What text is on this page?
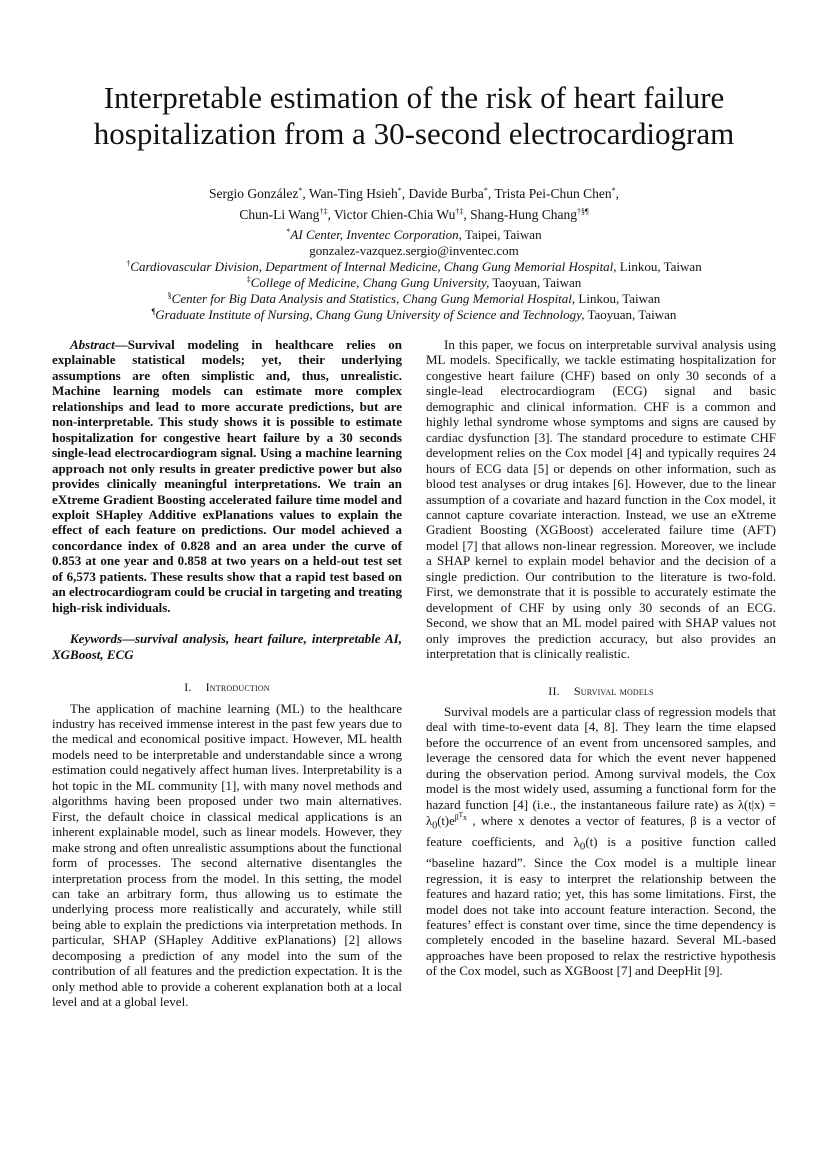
Interpretable estimation of the risk of heart failure
hospitalization from a 30-second electrocardiogram
Sergio González*, Wan-Ting Hsieh*, Davide Burba*, Trista Pei-Chun Chen*,
Chun-Li Wang†‡, Victor Chien-Chia Wu†‡, Shang-Hung Chang†§¶
*AI Center, Inventec Corporation, Taipei, Taiwan
gonzalez-vazquez.sergio@inventec.com
†Cardiovascular Division, Department of Internal Medicine, Chang Gung Memorial Hospital, Linkou, Taiwan
‡College of Medicine, Chang Gung University, Taoyuan, Taiwan
§Center for Big Data Analysis and Statistics, Chang Gung Memorial Hospital, Linkou, Taiwan
¶Graduate Institute of Nursing, Chang Gung University of Science and Technology, Taoyuan, Taiwan

Abstract—Survival modeling in healthcare relies on explainable statistical models; yet, their underlying assumptions are often simplistic and, thus, unrealistic. Machine learning models can estimate more complex relationships and lead to more accurate predictions, but are non-interpretable. This study shows it is possible to estimate hospitalization for congestive heart failure by a 30 seconds single-lead electrocardiogram signal. Using a machine learning approach not only results in greater predictive power but also provides clinically meaningful interpretations. We train an eXtreme Gradient Boosting accelerated failure time model and exploit SHapley Additive exPlanations values to explain the effect of each feature on predictions. Our model achieved a concordance index of 0.828 and an area under the curve of 0.853 at one year and 0.858 at two years on a held-out test set of 6,573 patients. These results show that a rapid test based on an electrocardiogram could be crucial in targeting and treating high-risk individuals.

Keywords—survival analysis, heart failure, interpretable AI, XGBoost, ECG

I. Introduction

The application of machine learning (ML) to the healthcare industry has received immense interest in the past few years due to the medical and economical positive impact. However, ML health models need to be interpretable and understandable since a wrong estimation could negatively affect human lives. Interpretability is a hot topic in the ML community [1], with many novel methods and algorithms having been proposed under two main alternatives. First, the default choice in classical medical applications is an inherent explainable model, such as linear models. However, they make strong and often unrealistic assumptions about the functional form of processes. The second alternative disentangles the interpretation process from the model. In this setting, the model can take an arbitrary form, thus allowing us to estimate the underlying process more realistically and accurately, while still being able to explain the predictions via interpretation methods. In particular, SHAP (SHapley Additive exPlanations) [2] allows decomposing a prediction of any model into the sum of the contribution of all features and the prediction expectation. It is the only method able to provide a coherent explanation both at a local level and at a global level.

In this paper, we focus on interpretable survival analysis using ML models. Specifically, we tackle estimating hospitalization for congestive heart failure (CHF) based on only 30 seconds of a single-lead electrocardiogram (ECG) signal and basic demographic and clinical information. CHF is a common and highly lethal syndrome whose symptoms and signs are caused by cardiac dysfunction [3]. The standard procedure to estimate CHF development relies on the Cox model [4] and typically requires 24 hours of ECG data [5] or depends on other information, such as blood test analyses or drug intakes [6]. However, due to the linear assumption of a covariate and hazard function in the Cox model, it cannot capture covariate interaction. Instead, we use an eXtreme Gradient Boosting (XGBoost) accelerated failure time (AFT) model [7] that allows non-linear regression. Moreover, we include a SHAP kernel to explain model behavior and the decision of a single prediction. Our contribution to the literature is two-fold. First, we demonstrate that it is possible to accurately estimate the development of CHF by using only 30 seconds of an ECG. Second, we show that an ML model paired with SHAP values not only improves the prediction accuracy, but also provides an interpretation that is clinically realistic.

II. Survival models

Survival models are a particular class of regression models that deal with time-to-event data [4, 8]. They learn the time elapsed before the occurrence of an event from uncensored samples, and leverage the censored data for which the event never happened during the observation period. Among survival models, the Cox model is the most widely used, assuming a functional form for the hazard function [4] (i.e., the instantaneous failure rate) as $\lambda(t|x) = \lambda_0(t)e^{\beta Tx}$ , where x denotes a vector of features, β is a vector of feature coefficients, and $\lambda_0(t)$ is a positive function called “baseline hazard”. Since the Cox model is a multiple linear regression, it is easy to interpret the relationship between the features and hazard ratio; yet, this has some limitations. First, the model does not take into account feature interaction. Second, the features’ effect is constant over time, since the time dependency is completely encoded in the baseline hazard. Several ML-based approaches have been proposed to relax the restrictive hypothesis of the Cox model, such as XGBoost [7] and DeepHit [9].
